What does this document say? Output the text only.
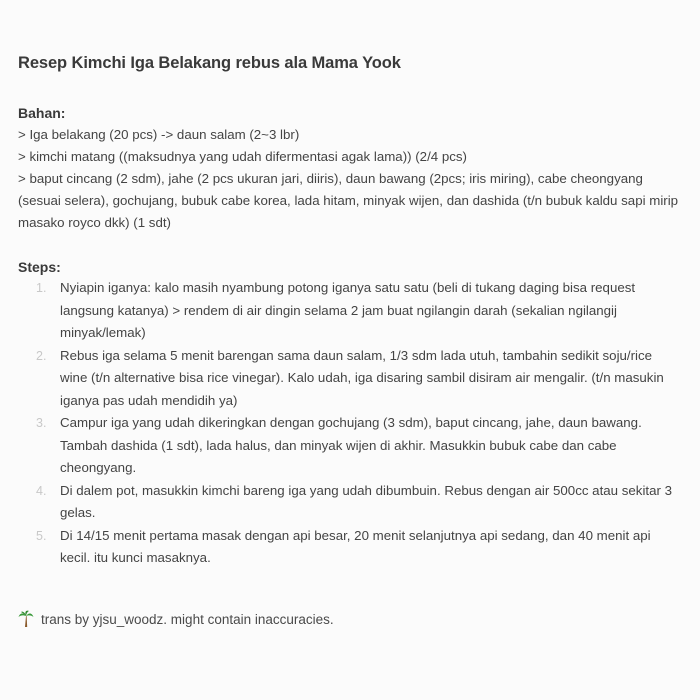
Resep Kimchi Iga Belakang rebus ala Mama Yook
Bahan:

> Iga belakang (20 pcs) -> daun salam (2~3 lbr)

> kimchi matang ((maksudnya yang udah difermentasi agak lama)) (2/4 pcs)

> baput cincang (2 sdm), jahe (2 pcs ukuran jari, diiris), daun bawang (2pcs; iris miring), cabe cheongyang (sesuai selera), gochujang, bubuk cabe korea, lada hitam, minyak wijen, dan dashida (t/n bubuk kaldu sapi mirip masako royco dkk) (1 sdt)

Steps:
1. Nyiapin iganya: kalo masih nyambung potong iganya satu satu (beli di tukang daging bisa request langsung katanya) > rendem di air dingin selama 2 jam buat ngilangin darah (sekalian ngilangij minyak/lemak)
2. Rebus iga selama 5 menit barengan sama daun salam, 1/3 sdm lada utuh, tambahin sedikit soju/rice wine (t/n alternative bisa rice vinegar). Kalo udah, iga disaring sambil disiram air mengalir. (t/n masukin iganya pas udah mendidih ya)
3. Campur iga yang udah dikeringkan dengan gochujang (3 sdm), baput cincang, jahe, daun bawang. Tambah dashida (1 sdt), lada halus, dan minyak wijen di akhir. Masukkin bubuk cabe dan cabe cheongyang.
4. Di dalem pot, masukkin kimchi bareng iga yang udah dibumbuin. Rebus dengan air 500cc atau sekitar 3 gelas.
5. Di 14/15 menit pertama masak dengan api besar, 20 menit selanjutnya api sedang, dan 40 menit api kecil. itu kunci masaknya.
trans by yjsu_woodz. might contain inaccuracies.
